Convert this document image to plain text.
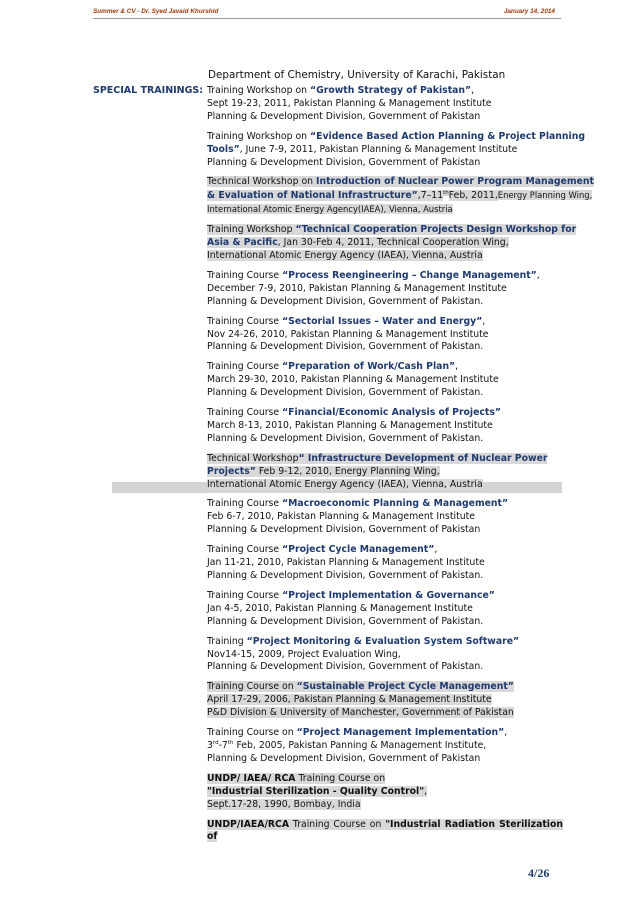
Summer & CV - Dr. Syed Javaid Khurshid	January 14, 2014
Department of Chemistry, University of Karachi, Pakistan
SPECIAL TRAININGS: Training Workshop on “Growth Strategy of Pakistan”,
Sept 19-23, 2011, Pakistan Planning & Management Institute
Planning & Development Division, Government of Pakistan
Training Workshop on “Evidence Based Action Planning & Project Planning
Tools”, June 7-9, 2011, Pakistan Planning & Management Institute
Planning & Development Division, Government of Pakistan
Technical Workshop on Introduction of Nuclear Power Program Management
& Evaluation of National Infrastructure”,7–11thFeb, 2011,Energy Planning Wing,
International Atomic Energy Agency(IAEA), Vienna, Austria
Training Workshop “Technical Cooperation Projects Design Workshop for
Asia & Pacific, Jan 30-Feb 4, 2011, Technical Cooperation Wing,
International Atomic Energy Agency (IAEA), Vienna, Austria
Training Course “Process Reengineering – Change Management”,
December 7-9, 2010, Pakistan Planning & Management Institute
Planning & Development Division, Government of Pakistan.
Training Course “Sectorial Issues – Water and Energy”,
Nov 24-26, 2010, Pakistan Planning & Management Institute
Planning & Development Division, Government of Pakistan.
Training Course “Preparation of Work/Cash Plan”,
March 29-30, 2010, Pakistan Planning & Management Institute
Planning & Development Division, Government of Pakistan.
Training Course “Financial/Economic Analysis of Projects”
March 8-13, 2010, Pakistan Planning & Management Institute
Planning & Development Division, Government of Pakistan.
Technical Workshop“ Infrastructure Development of Nuclear Power
Projects” Feb 9-12, 2010, Energy Planning Wing,
International Atomic Energy Agency (IAEA), Vienna, Austria
Training Course “Macroeconomic Planning & Management”
Feb 6-7, 2010, Pakistan Planning & Management Institute
Planning & Development Division, Government of Pakistan
Training Course “Project Cycle Management”,
Jan 11-21, 2010, Pakistan Planning & Management Institute
Planning & Development Division, Government of Pakistan.
Training Course “Project Implementation & Governance”
Jan 4-5, 2010, Pakistan Planning & Management Institute
Planning & Development Division, Government of Pakistan.
Training “Project Monitoring & Evaluation System Software”
Nov14-15, 2009, Project Evaluation Wing,
Planning & Development Division, Government of Pakistan.
Training Course on “Sustainable Project Cycle Management”
April 17-29, 2006, Pakistan Planning & Management Institute
P&D Division & University of Manchester, Government of Pakistan
Training Course on “Project Management Implementation”,
3rd-7th Feb, 2005, Pakistan Panning & Management Institute,
Planning & Development Division, Government of Pakistan
UNDP/ IAEA/ RCA Training Course on
"Industrial Sterilization - Quality Control",
Sept.17-28, 1990, Bombay, India
UNDP/IAEA/RCA Training Course on "Industrial Radiation Sterilization of
4/26
